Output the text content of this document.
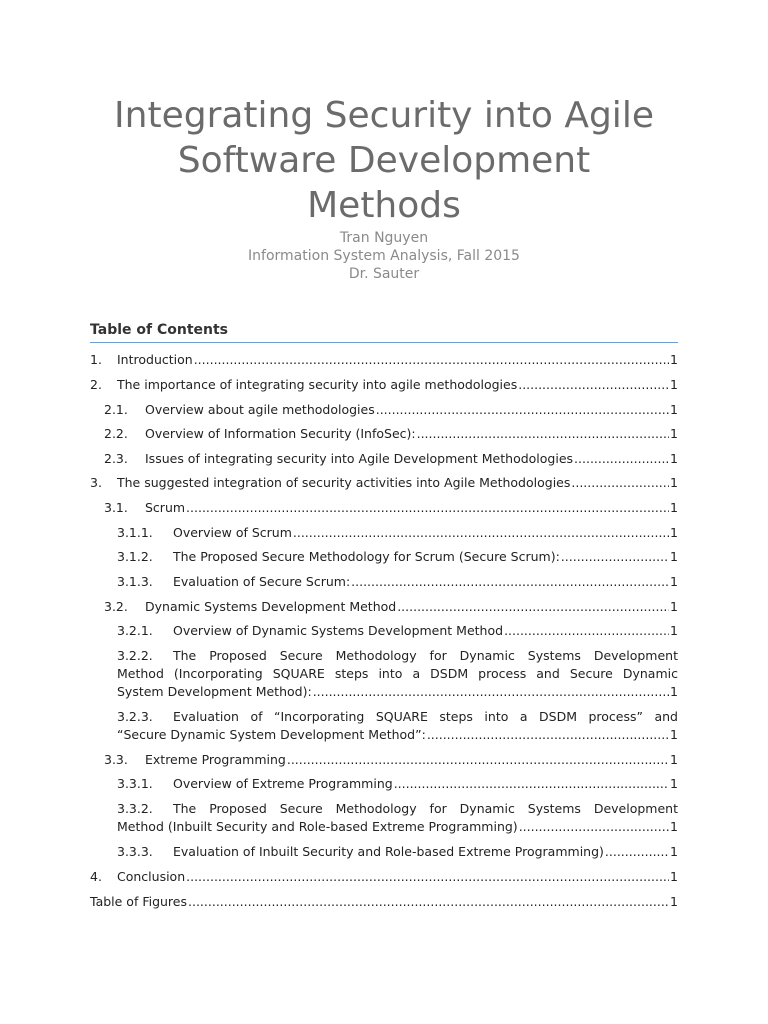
Integrating Security into Agile
Software Development
Methods
Tran Nguyen
Information System Analysis, Fall 2015
Dr. Sauter
Table of Contents
1.	Introduction .....	1
2.	The importance of integrating security into agile methodologies .....	1
2.1.	Overview about agile methodologies .....	1
2.2.	Overview of Information Security (InfoSec): .....	1
2.3.	Issues of integrating security into Agile Development Methodologies .....	1
3.	The suggested integration of security activities into Agile Methodologies .....	1
3.1.	Scrum .....	1
3.1.1.	Overview of Scrum .....	1
3.1.2.	The Proposed Secure Methodology for Scrum (Secure Scrum): .....	1
3.1.3.	Evaluation of Secure Scrum: .....	1
3.2.	Dynamic Systems Development Method .....	1
3.2.1.	Overview of Dynamic Systems Development Method .....	1
3.2.2.	The Proposed Secure Methodology for Dynamic Systems Development
Method (Incorporating SQUARE steps into a DSDM process and Secure Dynamic
System Development Method): .....	1
3.2.3.	Evaluation of “Incorporating SQUARE steps into a DSDM process” and
“Secure Dynamic System Development Method”: .....	1
3.3.	Extreme Programming .....	1
3.3.1.	Overview of Extreme Programming .....	1
3.3.2.	The Proposed Secure Methodology for Dynamic Systems Development
Method (Inbuilt Security and Role-based Extreme Programming) .....	1
3.3.3.	Evaluation of Inbuilt Security and Role-based Extreme Programming) .....	1
4.	Conclusion .....	1
Table of Figures .....	1
